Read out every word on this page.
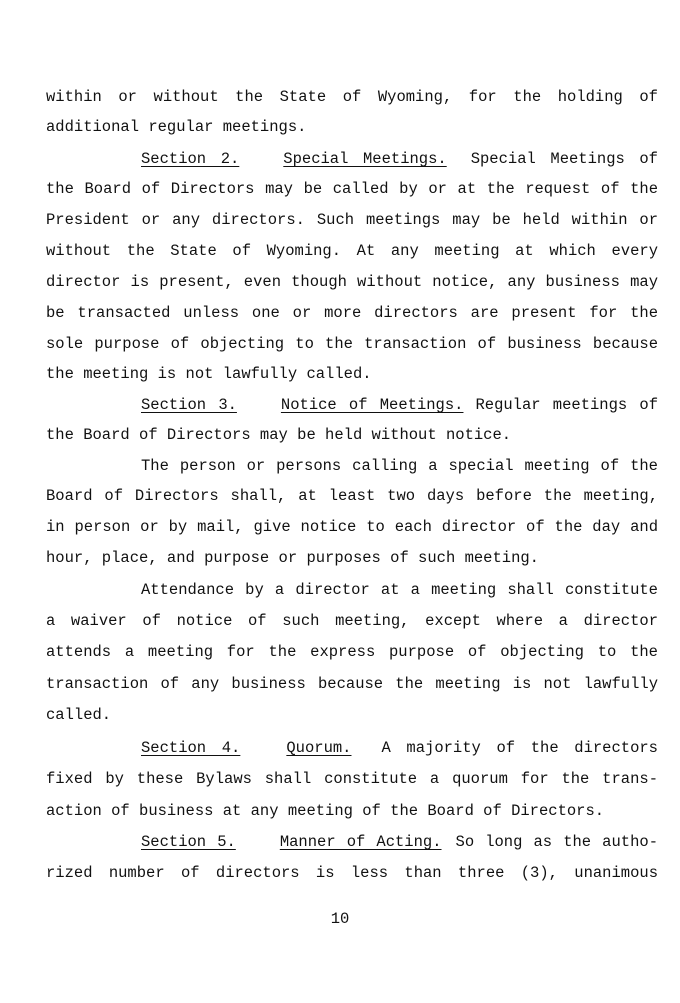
within or without the State of Wyoming, for the holding of
additional regular meetings.
Section 2.	Special Meetings. Special Meetings of
the Board of Directors may be called by or at the request of the
President or any directors. Such meetings may be held within or
without the State of Wyoming. At any meeting at which every
director is present, even though without notice, any business may
be transacted unless one or more directors are present for the
sole purpose of objecting to the transaction of business because
the meeting is not lawfully called.
Section 3.	Notice of Meetings. Regular meetings of
the Board of Directors may be held without notice.
The person or persons calling a special meeting of the
Board of Directors shall, at least two days before the meeting,
in person or by mail, give notice to each director of the day and
hour, place, and purpose or purposes of such meeting.
Attendance by a director at a meeting shall constitute
a waiver of notice of such meeting, except where a director
attends a meeting for the express purpose of objecting to the
transaction of any business because the meeting is not lawfully
called.
Section 4.	Quorum. A majority of the directors
fixed by these Bylaws shall constitute a quorum for the trans-
action of business at any meeting of the Board of Directors.
Section 5.	Manner of Acting. So long as the autho-
rized number of directors is less than three (3), unanimous
10
